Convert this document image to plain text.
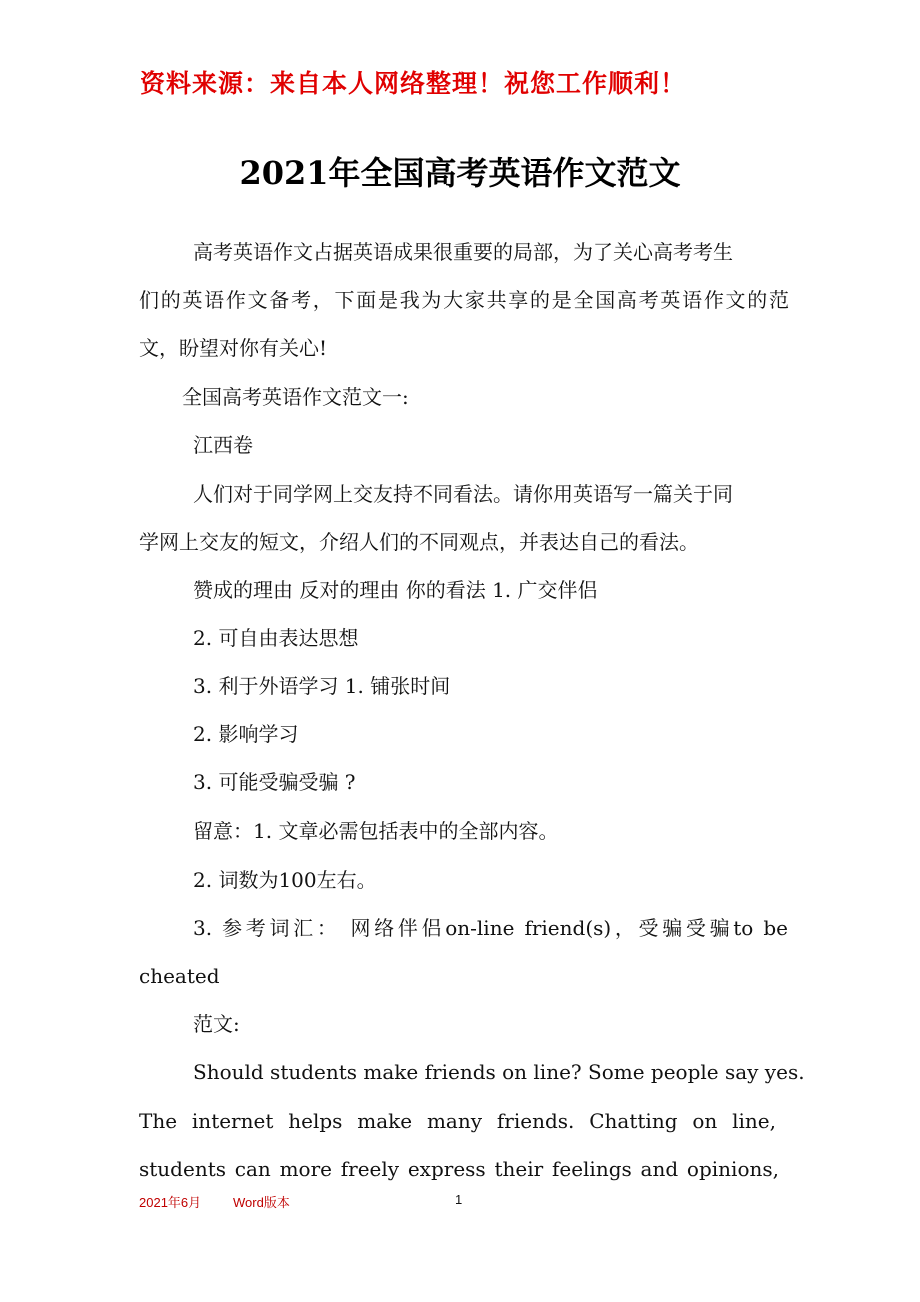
资料来源：来自本人网络整理！祝您工作顺利！
2021年全国高考英语作文范文
高考英语作文占据英语成果很重要的局部，为了关心高考考生
们的英语作文备考，下面是我为大家共享的是全国高考英语作文的范
文，盼望对你有关心!
全国高考英语作文范文一:
江西卷
人们对于同学网上交友持不同看法。请你用英语写一篇关于同
学网上交友的短文，介绍人们的不同观点，并表达自己的看法。
赞成的理由 反对的理由 你的看法 1. 广交伴侣
2. 可自由表达思想
3. 利于外语学习 1. 铺张时间
2. 影响学习
3. 可能受骗受骗 ?
留意：1. 文章必需包括表中的全部内容。
2. 词数为100左右。
3. 参考词汇： 网络伴侣on-line friend(s)，受骗受骗to be
cheated
范文:
Should students make friends on line? Some people say yes.
The internet helps make many friends. Chatting on line,
students can more freely express their feelings and opinions,
2021年6月 Word版本	1
